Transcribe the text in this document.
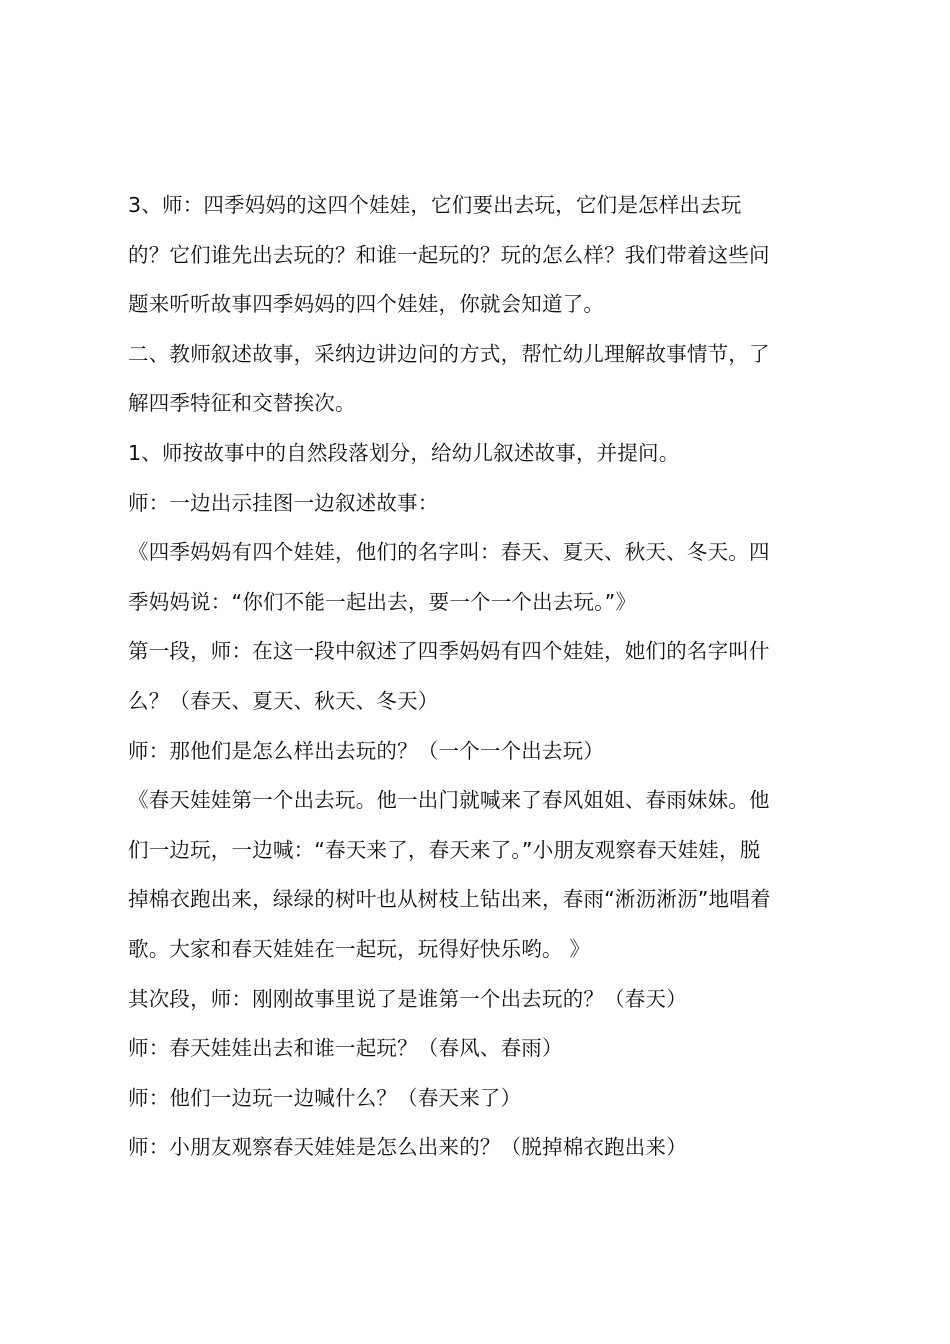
3、师：四季妈妈的这四个娃娃，它们要出去玩，它们是怎样出去玩

的？它们谁先出去玩的？和谁一起玩的？玩的怎么样？我们带着这些问

题来听听故事四季妈妈的四个娃娃，你就会知道了。

二、教师叙述故事，采纳边讲边问的方式，帮忙幼儿理解故事情节，了

解四季特征和交替挨次。

1、师按故事中的自然段落划分，给幼儿叙述故事，并提问。

师：一边出示挂图一边叙述故事：

《四季妈妈有四个娃娃，他们的名字叫：春天、夏天、秋天、冬天。四

季妈妈说：“你们不能一起出去，要一个一个出去玩。”》

第一段，师：在这一段中叙述了四季妈妈有四个娃娃，她们的名字叫什

么？（春天、夏天、秋天、冬天）

师：那他们是怎么样出去玩的？（一个一个出去玩）

《春天娃娃第一个出去玩。他一出门就喊来了春风姐姐、春雨妹妹。他

们一边玩，一边喊：“春天来了，春天来了。”小朋友观察春天娃娃，脱

掉棉衣跑出来，绿绿的树叶也从树枝上钻出来，春雨“淅沥淅沥”地唱着

歌。大家和春天娃娃在一起玩，玩得好快乐哟。 》

其次段，师：刚刚故事里说了是谁第一个出去玩的？（春天）

师：春天娃娃出去和谁一起玩？（春风、春雨）

师：他们一边玩一边喊什么？（春天来了）

师：小朋友观察春天娃娃是怎么出来的？（脱掉棉衣跑出来）
